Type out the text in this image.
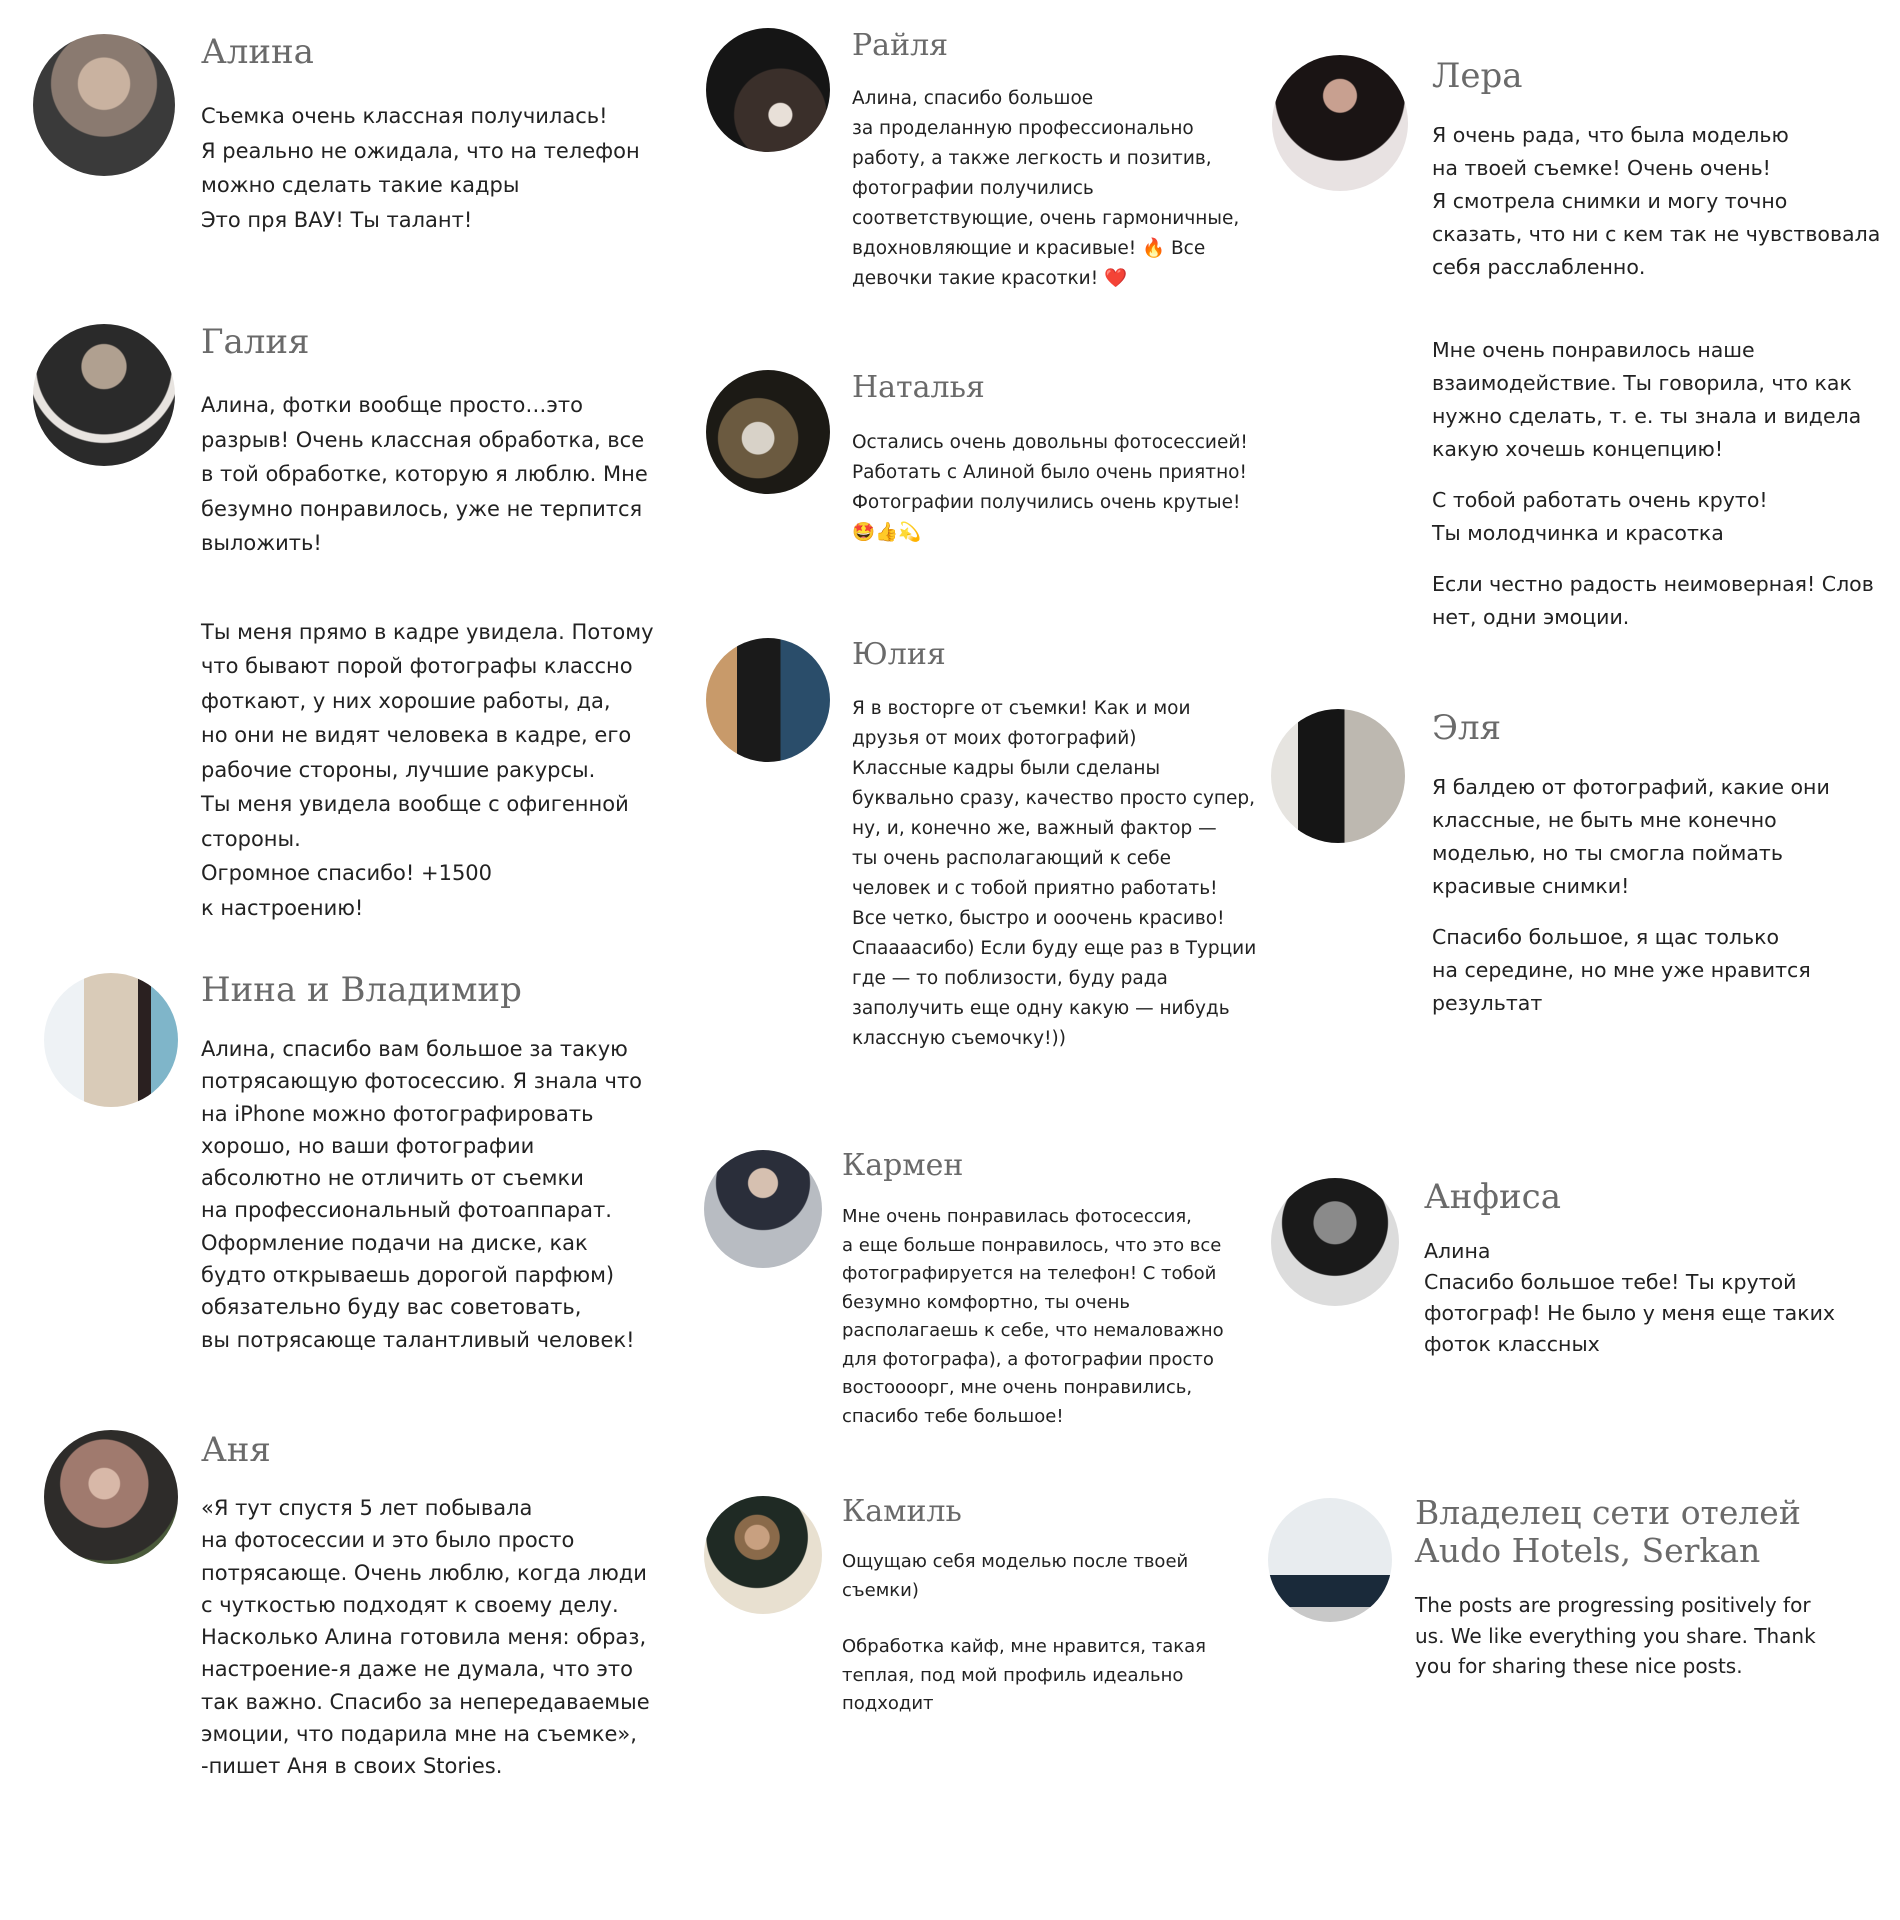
Алина

Съемка очень классная получилась!

Я реально не ожидала, что на телефон

можно сделать такие кадры

Это пря ВАУ! Ты талант!

Галия

Алина, фотки вообще просто…это

разрыв! Очень классная обработка, все

в той обработке, которую я люблю. Мне

безумно понравилось, уже не терпится

выложить!

Ты меня прямо в кадре увидела. Потому

что бывают порой фотографы классно

фоткают, у них хорошие работы, да,

но они не видят человека в кадре, его

рабочие стороны, лучшие ракурсы.

Ты меня увидела вообще с офигенной

стороны.

Огромное спасибо! +1500

к настроению!

Нина и Владимир

Алина, спасибо вам большое за такую

потрясающую фотосессию. Я знала что

на iPhone можно фотографировать

хорошо, но ваши фотографии

абсолютно не отличить от съемки

на профессиональный фотоаппарат.

Оформление подачи на диске, как

будто открываешь дорогой парфюм)

обязательно буду вас советовать,

вы потрясающе талантливый человек!

Аня

«Я тут спустя 5 лет побывала

на фотосессии и это было просто

потрясающе. Очень люблю, когда люди

с чуткостью подходят к своему делу.

Насколько Алина готовила меня: образ,

настроение-я даже не думала, что это

так важно. Спасибо за непередаваемые

эмоции, что подарила мне на съемке»,

-пишет Аня в своих Stories.

Райля

Алина, спасибо большое

за проделанную профессионально

работу, а также легкость и позитив,

фотографии получились

соответствующие, очень гармоничные,

вдохновляющие и красивые! 🔥 Все

девочки такие красотки! ❤️

Наталья

Остались очень довольны фотосессией!

Работать с Алиной было очень приятно!

Фотографии получились очень крутые!

🤩👍💫

Юлия

Я в восторге от съемки! Как и мои

друзья от моих фотографий)

Классные кадры были сделаны

буквально сразу, качество просто супер,

ну, и, конечно же, важный фактор —

ты очень располагающий к себе

человек и с тобой приятно работать!

Все четко, быстро и ооочень красиво!

Спаааасибо) Если буду еще раз в Турции

где — то поблизости, буду рада

заполучить еще одну какую — нибудь

классную съемочку!))

Кармен

Мне очень понравилась фотосессия,

а еще больше понравилось, что это все

фотографируется на телефон! С тобой

безумно комфортно, ты очень

располагаешь к себе, что немаловажно

для фотографа), а фотографии просто

востоооорг, мне очень понравились,

спасибо тебе большое!

Камиль

Ощущаю себя моделью после твоей

съемки)

Обработка кайф, мне нравится, такая

теплая, под мой профиль идеально

подходит

Лера

Я очень рада, что была моделью

на твоей съемке! Очень очень!

Я смотрела снимки и могу точно

сказать, что ни с кем так не чувствовала

себя расслабленно.

Мне очень понравилось наше

взаимодействие. Ты говорила, что как

нужно сделать, т. е. ты знала и видела

какую хочешь концепцию!

С тобой работать очень круто!

Ты молодчинка и красотка

Если честно радость неимоверная! Слов

нет, одни эмоции.

Эля

Я балдею от фотографий, какие они

классные, не быть мне конечно

моделью, но ты смогла поймать

красивые снимки!

Спасибо большое, я щас только

на середине, но мне уже нравится

результат

Анфиса

Алина

Спасибо большое тебе! Ты крутой

фотограф! Не было у меня еще таких

фоток классных

Владелец сети отелей
Audo Hotels, Serkan

The posts are progressing positively for

us. We like everything you share. Thank

you for sharing these nice posts.
